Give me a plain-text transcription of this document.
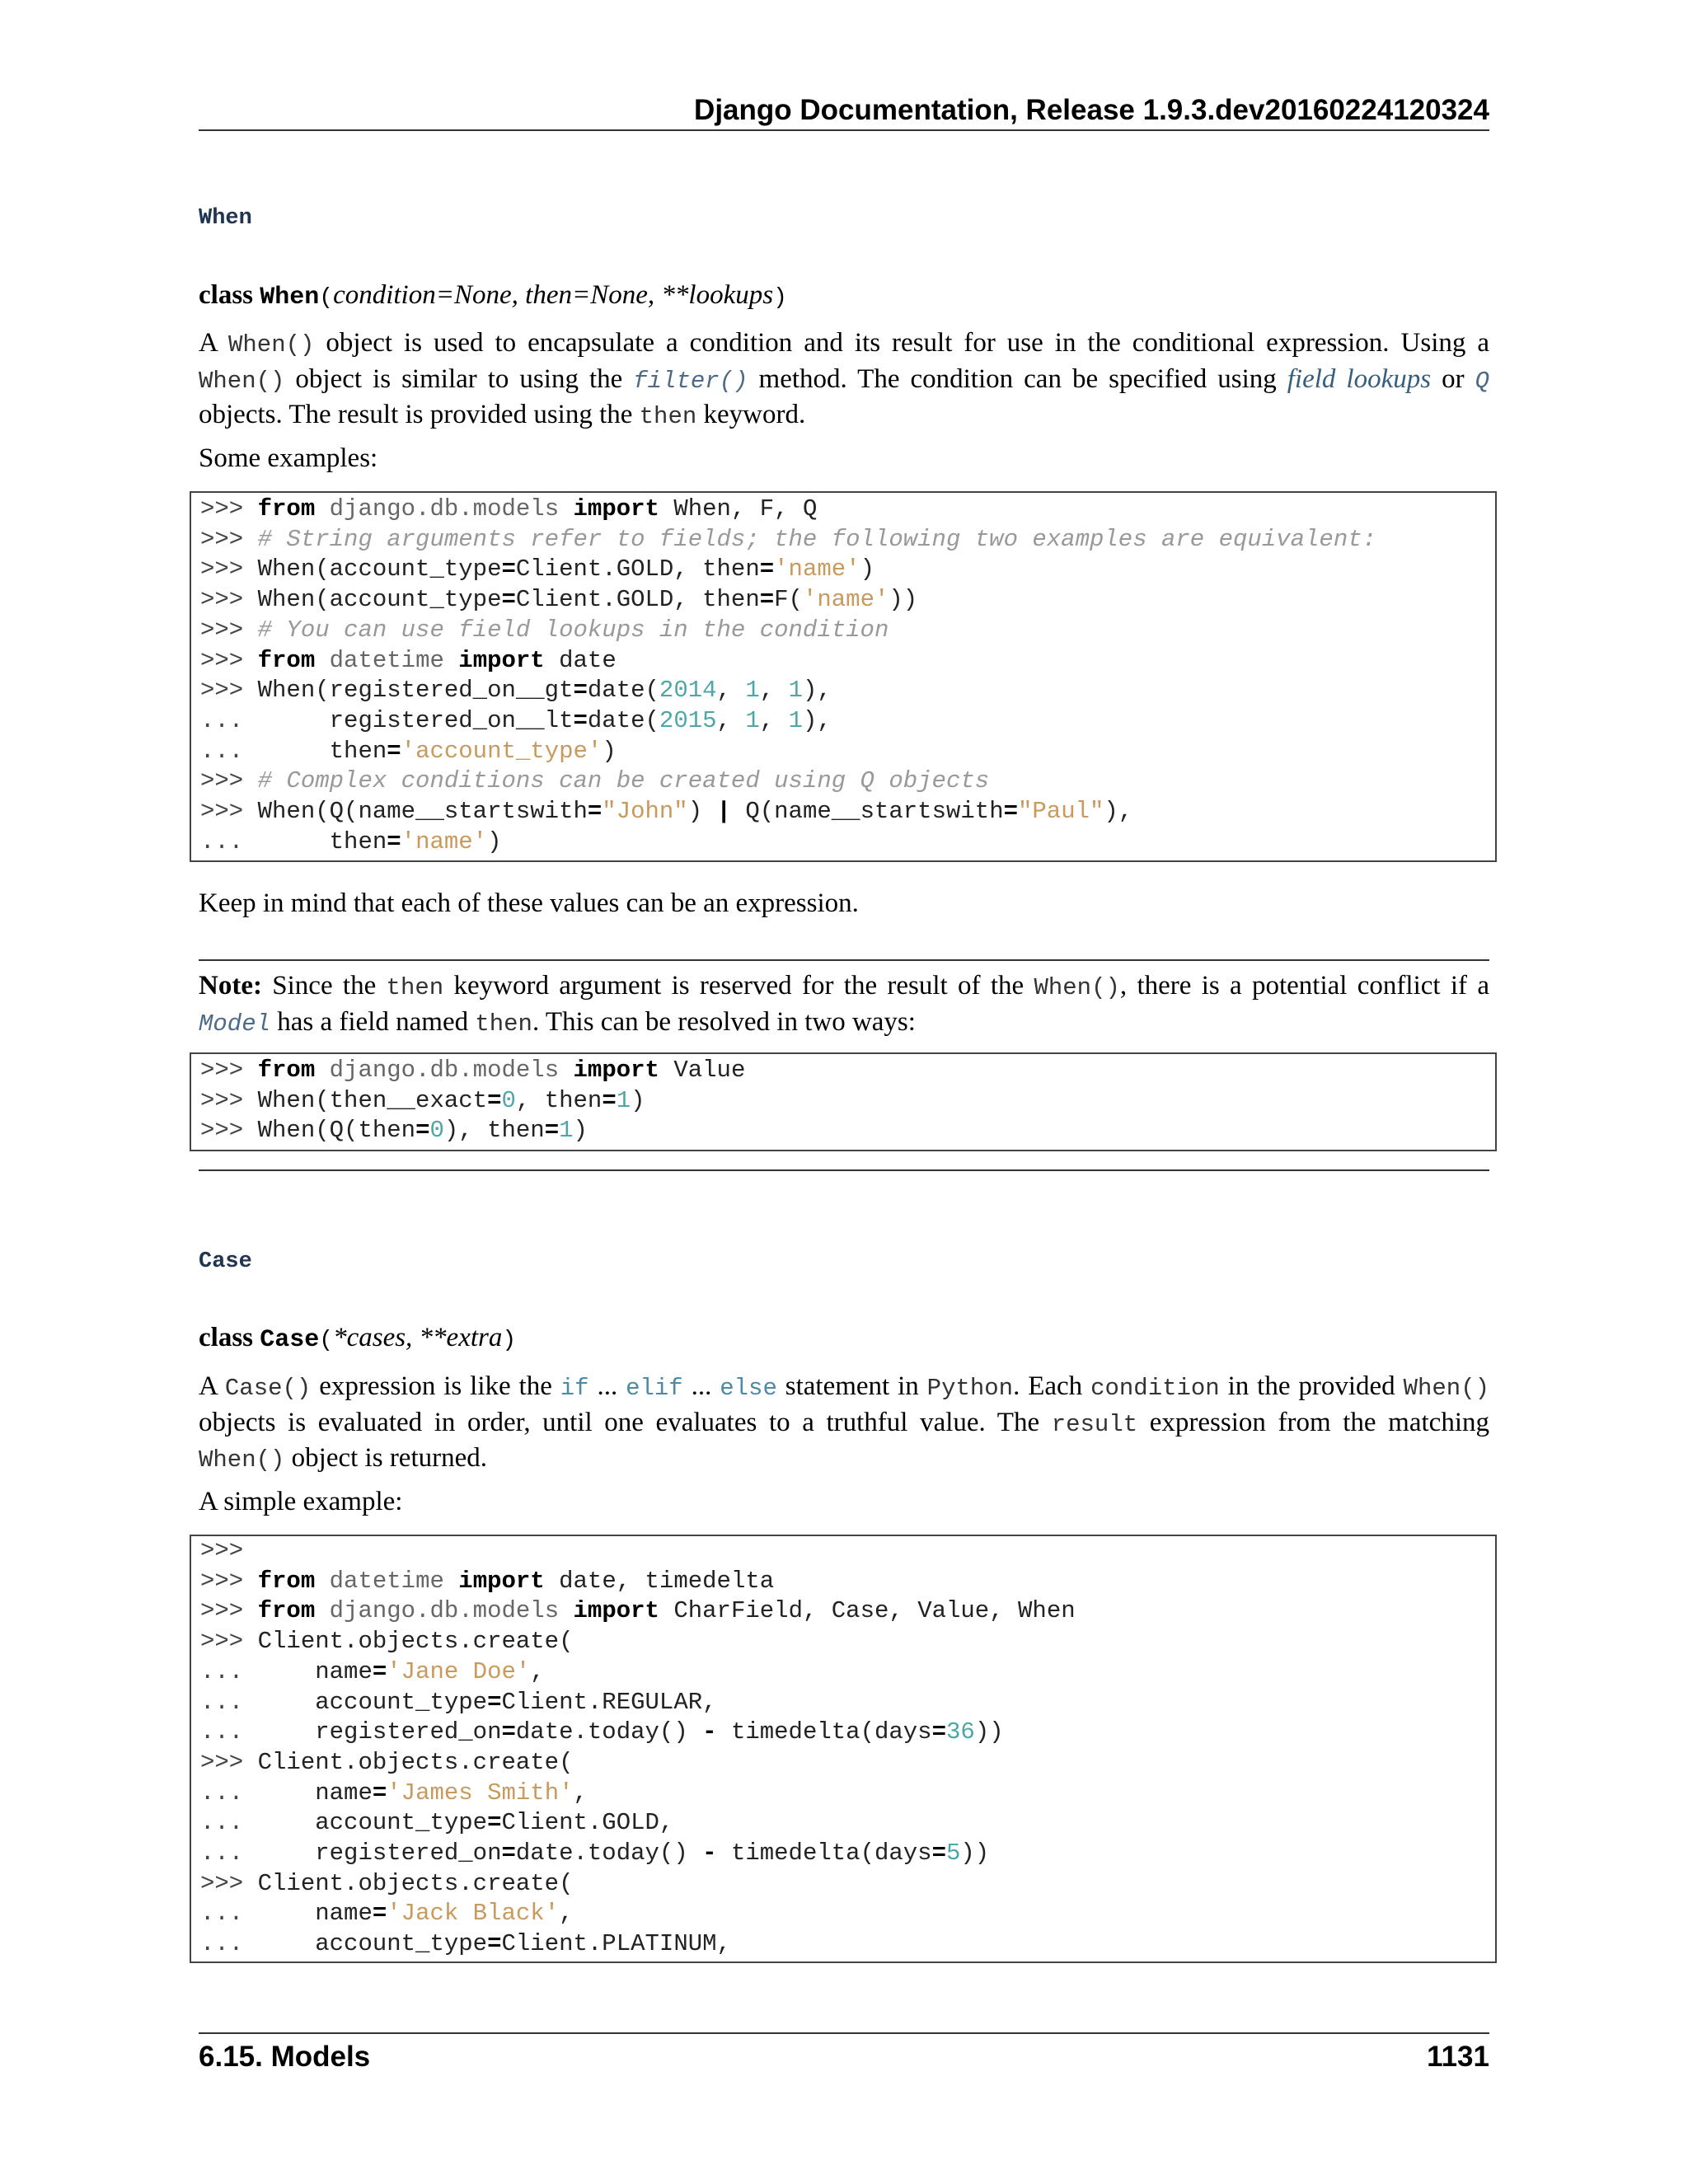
Django Documentation, Release 1.9.3.dev20160224120324
When
class When(condition=None, then=None, **lookups)
A When() object is used to encapsulate a condition and its result for use in the conditional expression. Using a When() object is similar to using the filter() method. The condition can be specified using field lookups or Q objects. The result is provided using the then keyword.
Some examples:
>>> from django.db.models import When, F, Q
>>> # String arguments refer to fields; the following two examples are equivalent:
>>> When(account_type=Client.GOLD, then='name')
>>> When(account_type=Client.GOLD, then=F('name'))
>>> # You can use field lookups in the condition
>>> from datetime import date
>>> When(registered_on__gt=date(2014, 1, 1),
...      registered_on__lt=date(2015, 1, 1),
...      then='account_type')
>>> # Complex conditions can be created using Q objects
>>> When(Q(name__startswith="John") | Q(name__startswith="Paul"),
...      then='name')
Keep in mind that each of these values can be an expression.
Note: Since the then keyword argument is reserved for the result of the When(), there is a potential conflict if a Model has a field named then. This can be resolved in two ways:
>>> from django.db.models import Value
>>> When(then__exact=0, then=1)
>>> When(Q(then=0), then=1)
Case
class Case(*cases, **extra)
A Case() expression is like the if ... elif ... else statement in Python. Each condition in the provided When() objects is evaluated in order, until one evaluates to a truthful value. The result expression from the matching When() object is returned.
A simple example:
>>>
>>> from datetime import date, timedelta
>>> from django.db.models import CharField, Case, Value, When
>>> Client.objects.create(
...     name='Jane Doe',
...     account_type=Client.REGULAR,
...     registered_on=date.today() - timedelta(days=36))
>>> Client.objects.create(
...     name='James Smith',
...     account_type=Client.GOLD,
...     registered_on=date.today() - timedelta(days=5))
>>> Client.objects.create(
...     name='Jack Black',
...     account_type=Client.PLATINUM,
6.15. Models	1131
